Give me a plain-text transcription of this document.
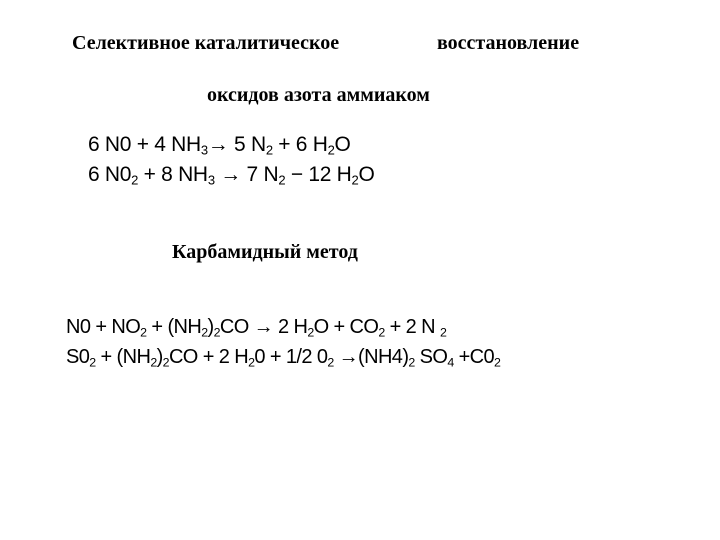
Селективное каталитическое	восстановление
оксидов азота аммиаком
6 N0 + 4 $NH_3\to 5$ $N_2 + 6$ $H_2O$
6 $N0_2 + 8$ $NH_3 \to 7$ $N_2 - 12$ $H_2O$
Карбамидный метод
$N0 + NO_2 + (NH_2)_2CO \to 2$ $H_2O + CO_2 + 2$ N $_2$
$S0_2 + (NH_2)_2CO + 2$ $H_20 + 1/2$ $0_2 \to(NH4)_2$ $SO_4 +C0_2$
